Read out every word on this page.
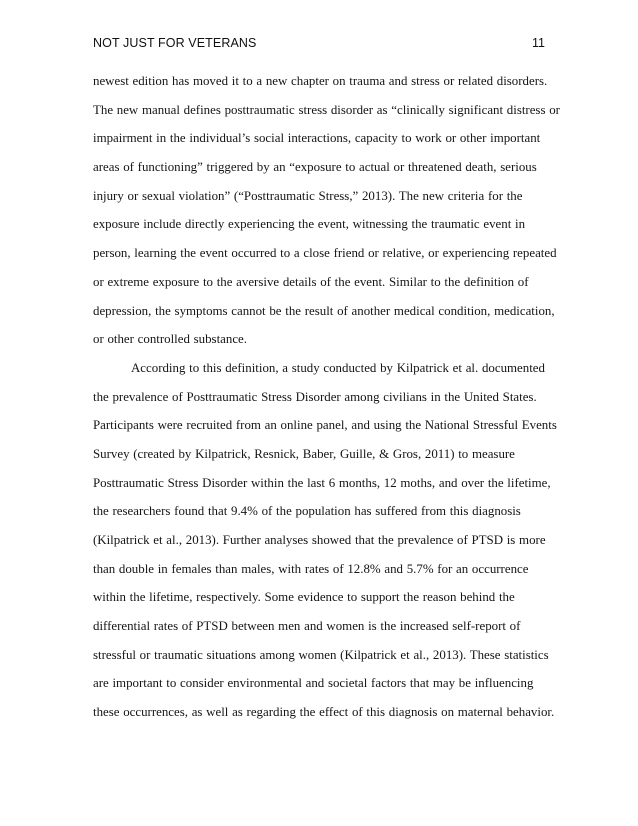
NOT JUST FOR VETERANS	11
newest edition has moved it to a new chapter on trauma and stress or related disorders.
The new manual defines posttraumatic stress disorder as “clinically significant distress or
impairment in the individual’s social interactions, capacity to work or other important
areas of functioning” triggered by an “exposure to actual or threatened death, serious
injury or sexual violation” (“Posttraumatic Stress,” 2013). The new criteria for the
exposure include directly experiencing the event, witnessing the traumatic event in
person, learning the event occurred to a close friend or relative, or experiencing repeated
or extreme exposure to the aversive details of the event. Similar to the definition of
depression, the symptoms cannot be the result of another medical condition, medication,
or other controlled substance.
According to this definition, a study conducted by Kilpatrick et al. documented
the prevalence of Posttraumatic Stress Disorder among civilians in the United States.
Participants were recruited from an online panel, and using the National Stressful Events
Survey (created by Kilpatrick, Resnick, Baber, Guille, & Gros, 2011) to measure
Posttraumatic Stress Disorder within the last 6 months, 12 moths, and over the lifetime,
the researchers found that 9.4% of the population has suffered from this diagnosis
(Kilpatrick et al., 2013). Further analyses showed that the prevalence of PTSD is more
than double in females than males, with rates of 12.8% and 5.7% for an occurrence
within the lifetime, respectively. Some evidence to support the reason behind the
differential rates of PTSD between men and women is the increased self-report of
stressful or traumatic situations among women (Kilpatrick et al., 2013). These statistics
are important to consider environmental and societal factors that may be influencing
these occurrences, as well as regarding the effect of this diagnosis on maternal behavior.
